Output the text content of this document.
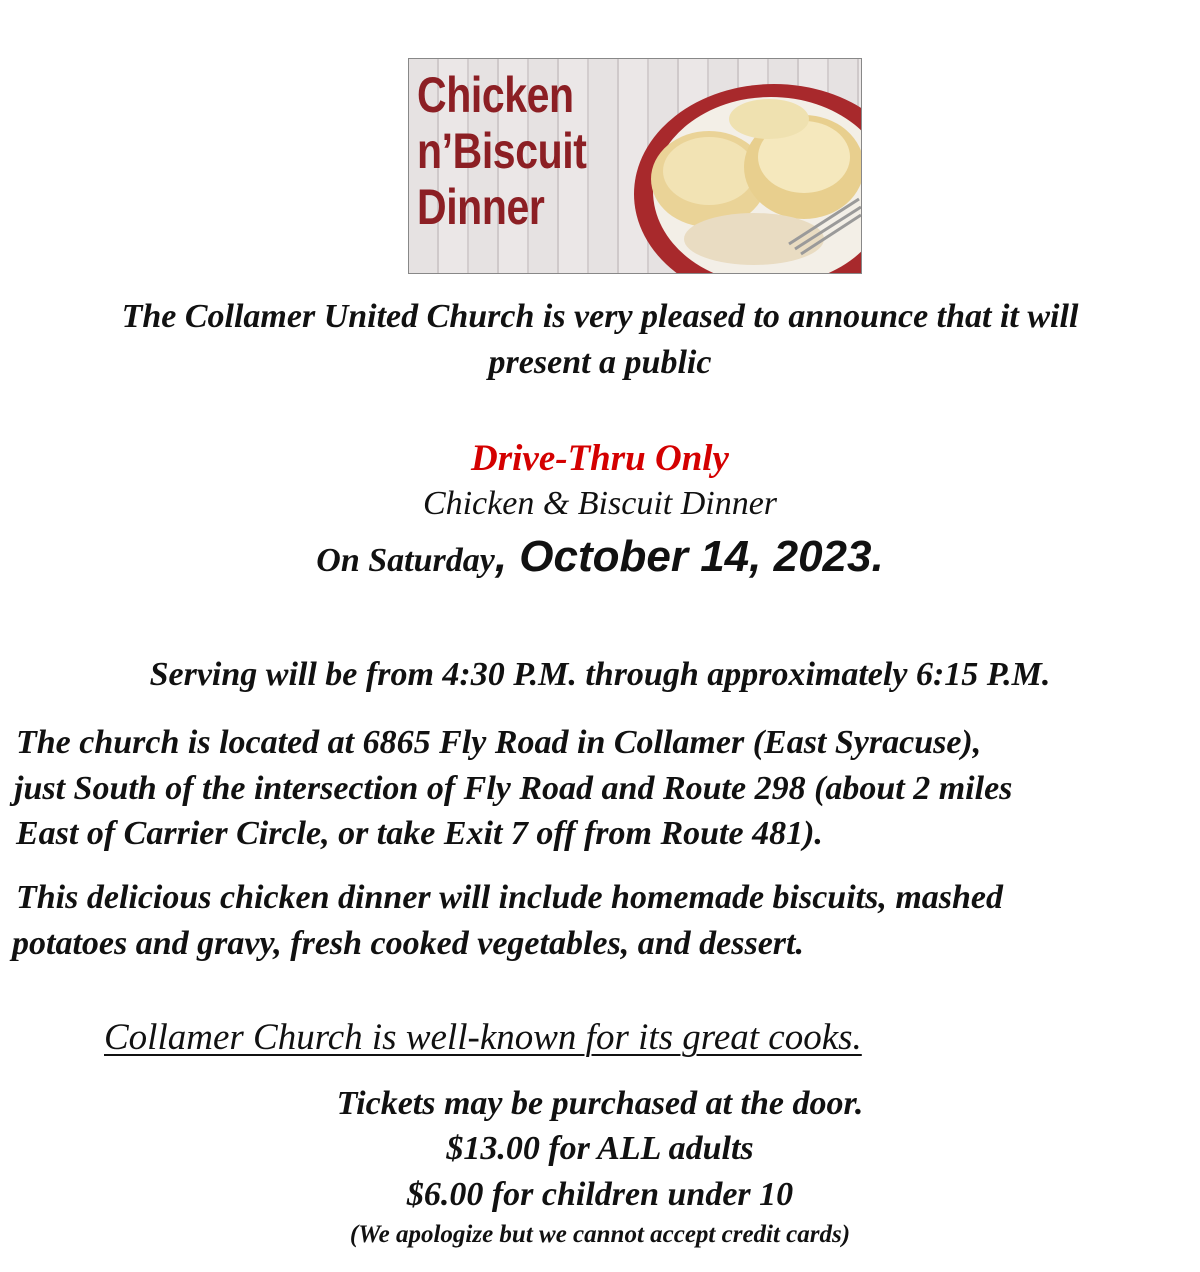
Chicken
n’Biscuit
Dinner
The Collamer United Church is very pleased to announce that it will
present a public
Drive-Thru Only
Chicken & Biscuit Dinner
On Saturday, October 14, 2023.
Serving will be from 4:30 P.M. through approximately 6:15 P.M.
The church is located at 6865 Fly Road in Collamer (East Syracuse),
just South of the intersection of Fly Road and Route 298 (about 2 miles
East of Carrier Circle, or take Exit 7 off from Route 481).
This delicious chicken dinner will include homemade biscuits, mashed
potatoes and gravy, fresh cooked vegetables, and dessert.
Collamer Church is well-known for its great cooks.
Tickets may be purchased at the door.
$13.00 for ALL adults
$6.00 for children under 10
(We apologize but we cannot accept credit cards)
